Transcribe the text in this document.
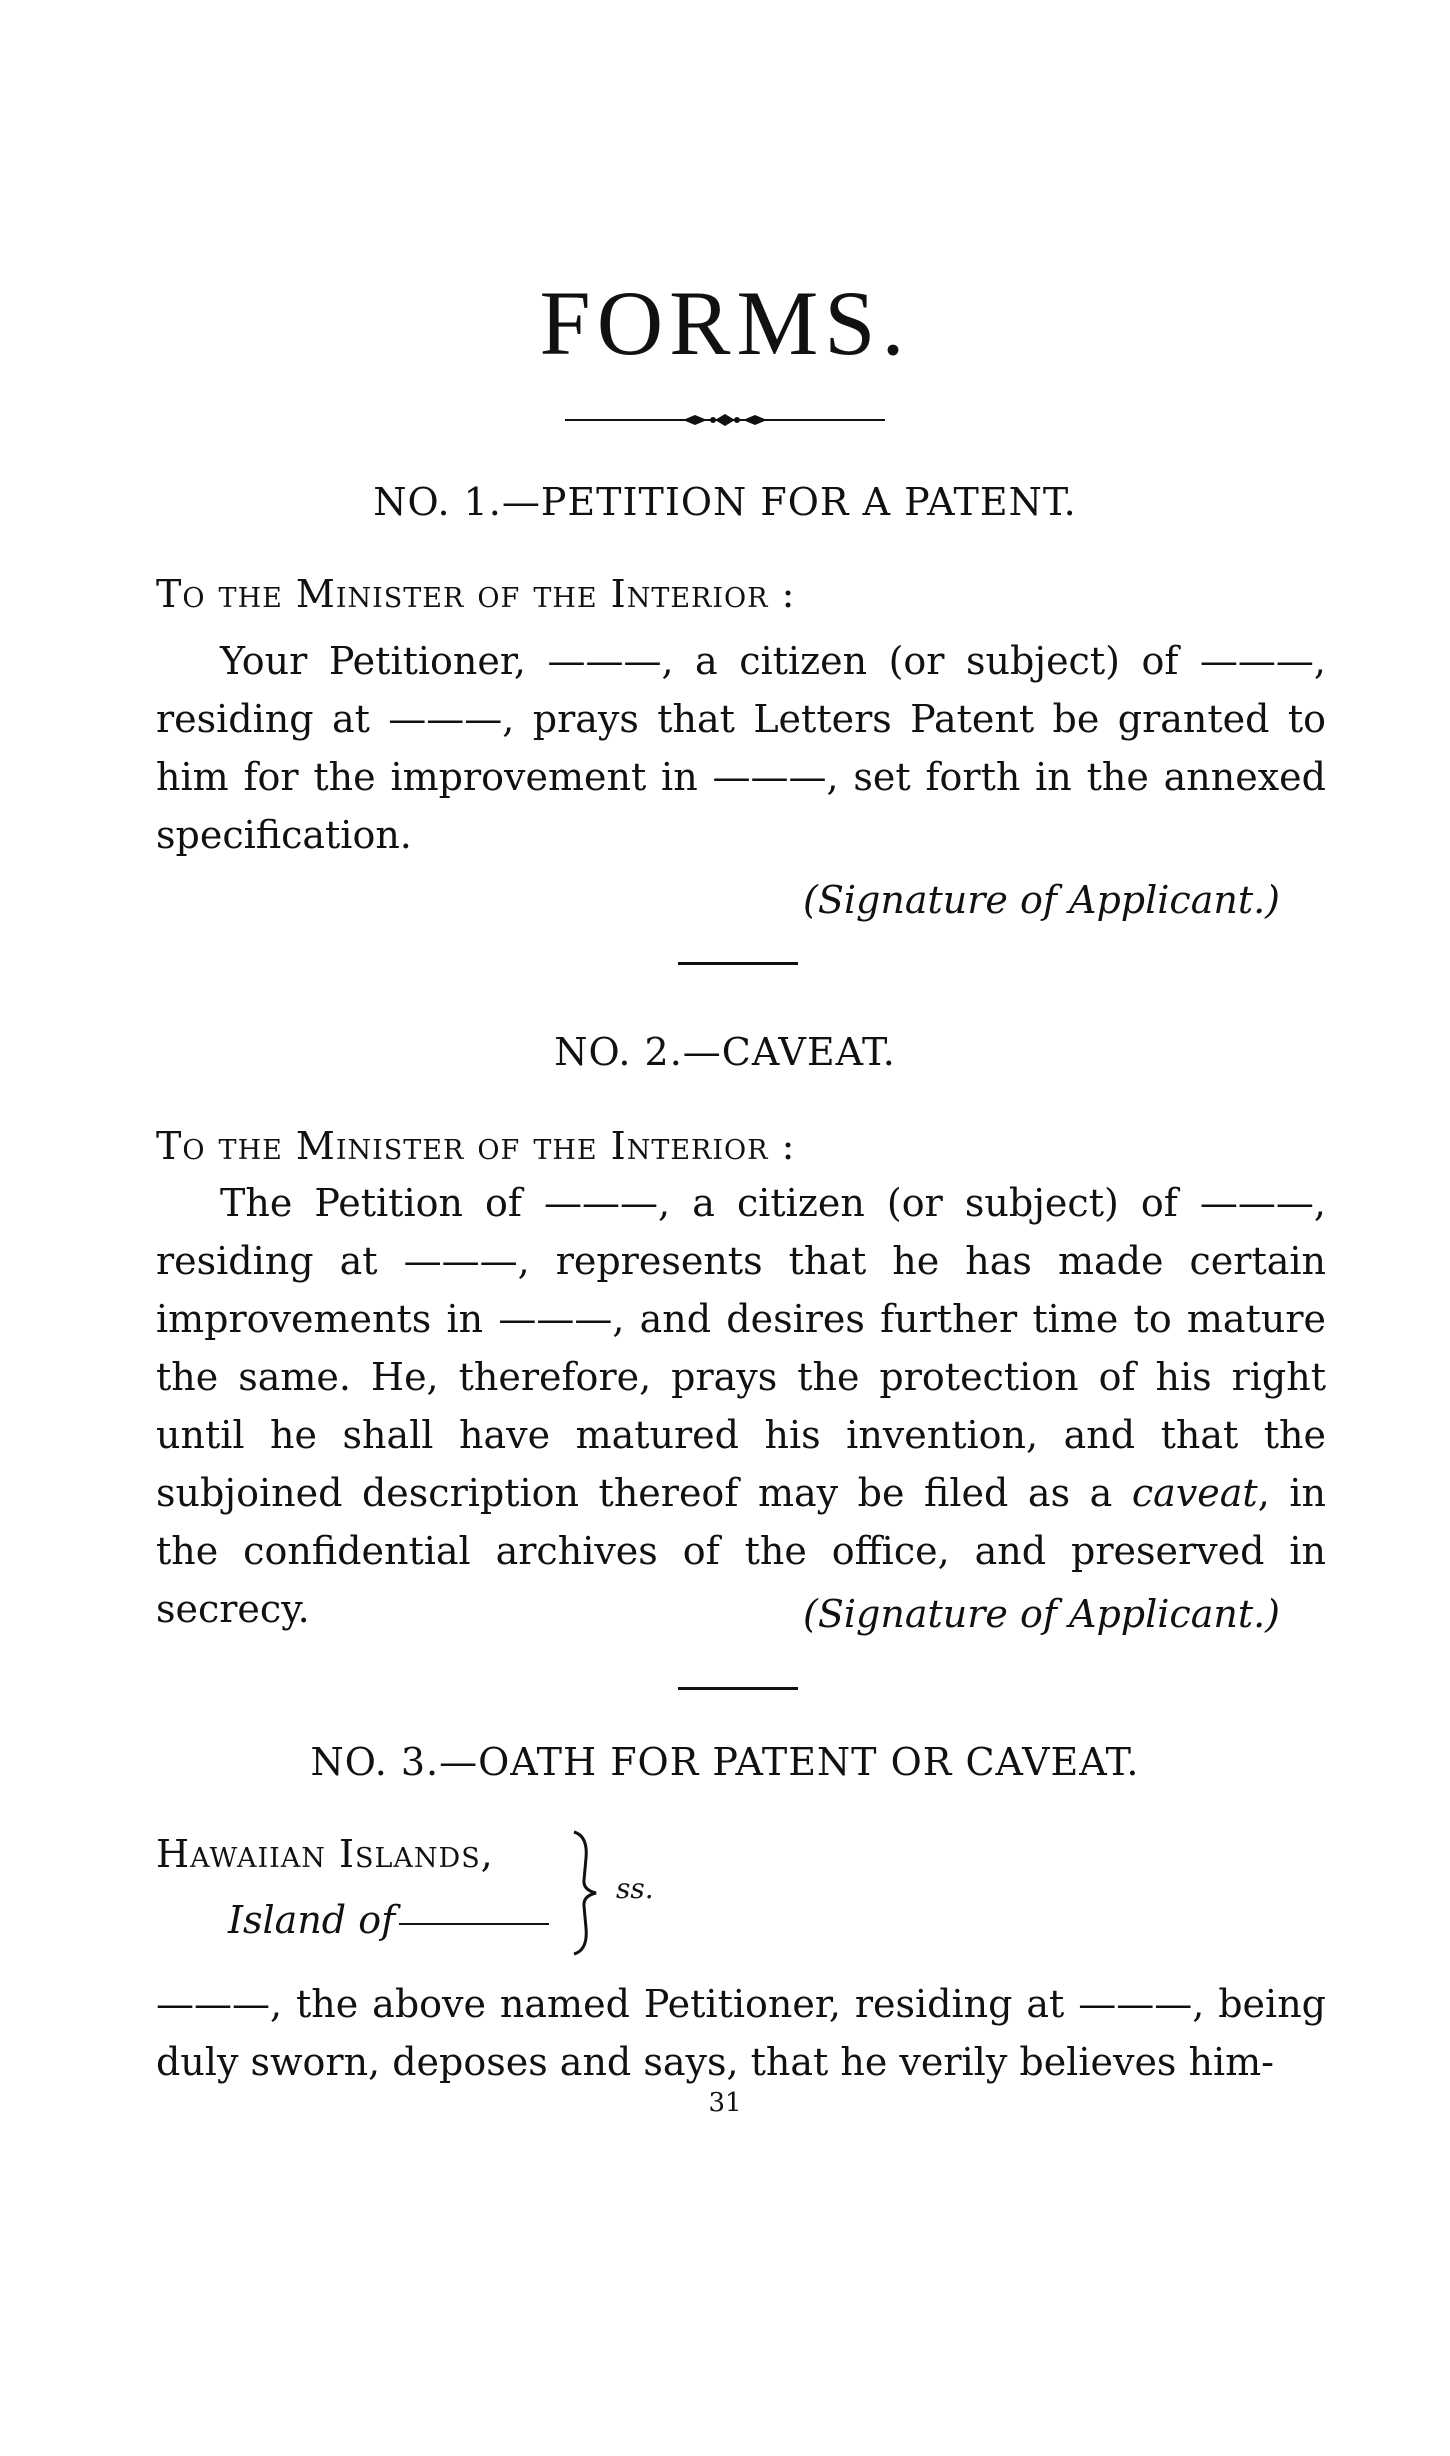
FORMS.
NO. 1.—PETITION FOR A PATENT.
To the Minister of the Interior :
Your Petitioner, ———, a citizen (or subject) of ———, residing at ———, prays that Letters Patent be granted to him for the improvement in ———, set forth in the annexed specification.
(Signature of Applicant.)
NO. 2.—CAVEAT.
To the Minister of the Interior :
The Petition of ———, a citizen (or subject) of ———, residing at ———, represents that he has made certain improvements in ———, and desires further time to mature the same. He, therefore, prays the protection of his right until he shall have matured his invention, and that the subjoined description thereof may be filed as a caveat, in the confidential archives of the office, and preserved in secrecy.	(Signature of Applicant.)
NO. 3.—OATH FOR PATENT OR CAVEAT.
Hawaiian Islands,
Island of
ss.
———, the above named Petitioner, residing at ———, being duly sworn, deposes and says, that he verily believes him-
31
